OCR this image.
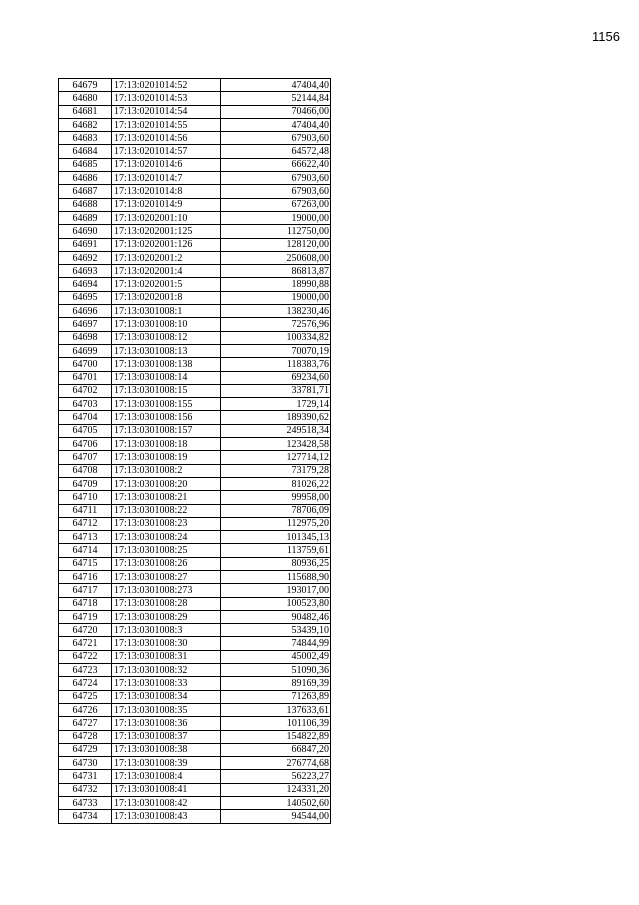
1156
64679	17:13:0201014:52	47404,40
64680	17:13:0201014:53	52144,84
64681	17:13:0201014:54	70466,00
64682	17:13:0201014:55	47404,40
64683	17:13:0201014:56	67903,60
64684	17:13:0201014:57	64572,48
64685	17:13:0201014:6	66622,40
64686	17:13:0201014:7	67903,60
64687	17:13:0201014:8	67903,60
64688	17:13:0201014:9	67263,00
64689	17:13:0202001:10	19000,00
64690	17:13:0202001:125	112750,00
64691	17:13:0202001:126	128120,00
64692	17:13:0202001:2	250608,00
64693	17:13:0202001:4	86813,87
64694	17:13:0202001:5	18990,88
64695	17:13:0202001:8	19000,00
64696	17:13:0301008:1	138230,46
64697	17:13:0301008:10	72576,96
64698	17:13:0301008:12	100334,82
64699	17:13:0301008:13	70070,19
64700	17:13:0301008:138	118383,76
64701	17:13:0301008:14	69234,60
64702	17:13:0301008:15	33781,71
64703	17:13:0301008:155	1729,14
64704	17:13:0301008:156	189390,62
64705	17:13:0301008:157	249518,34
64706	17:13:0301008:18	123428,58
64707	17:13:0301008:19	127714,12
64708	17:13:0301008:2	73179,28
64709	17:13:0301008:20	81026,22
64710	17:13:0301008:21	99958,00
64711	17:13:0301008:22	78706,09
64712	17:13:0301008:23	112975,20
64713	17:13:0301008:24	101345,13
64714	17:13:0301008:25	113759,61
64715	17:13:0301008:26	80936,25
64716	17:13:0301008:27	115688,90
64717	17:13:0301008:273	193017,00
64718	17:13:0301008:28	100523,80
64719	17:13:0301008:29	90482,46
64720	17:13:0301008:3	53439,10
64721	17:13:0301008:30	74844,99
64722	17:13:0301008:31	45002,49
64723	17:13:0301008:32	51090,36
64724	17:13:0301008:33	89169,39
64725	17:13:0301008:34	71263,89
64726	17:13:0301008:35	137633,61
64727	17:13:0301008:36	101106,39
64728	17:13:0301008:37	154822,89
64729	17:13:0301008:38	66847,20
64730	17:13:0301008:39	276774,68
64731	17:13:0301008:4	56223,27
64732	17:13:0301008:41	124331,20
64733	17:13:0301008:42	140502,60
64734	17:13:0301008:43	94544,00
